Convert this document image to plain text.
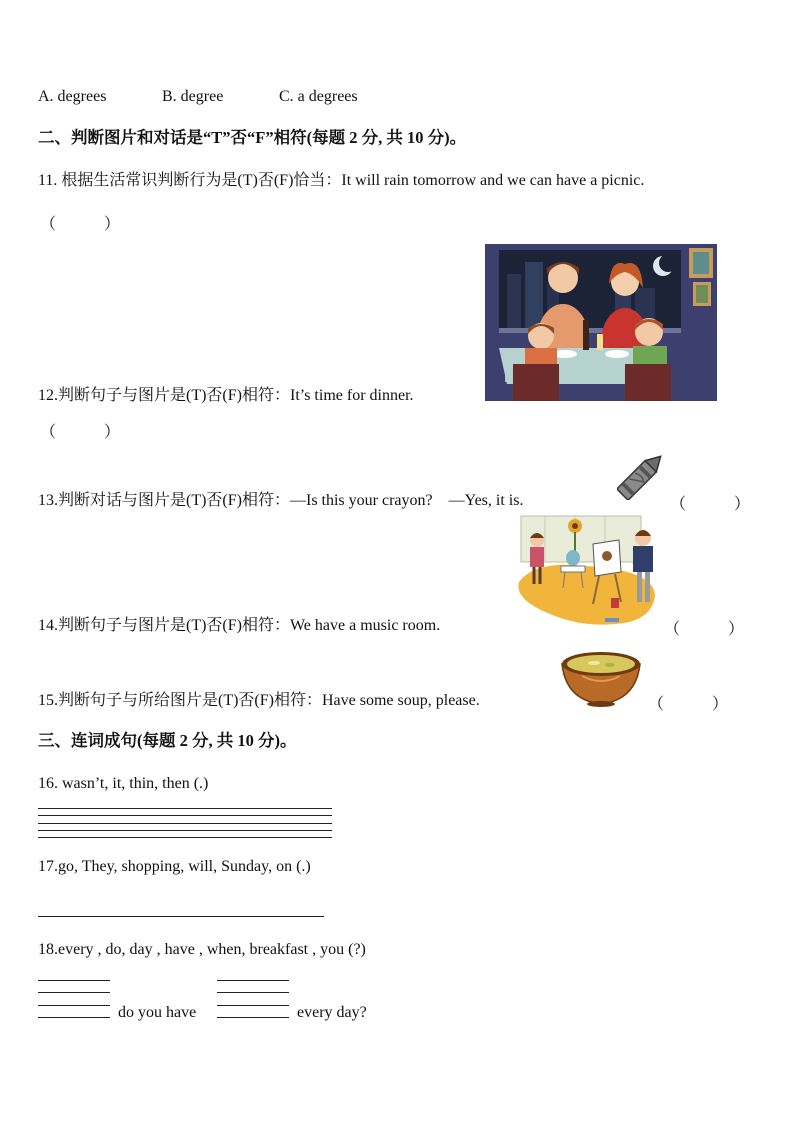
A. degrees	B. degree	C. a degrees
二、判断图片和对话是“T”否“F”相符(每题 2 分, 共 10 分)。
11. 根据生活常识判断行为是(T)否(F)恰当：It will rain tomorrow and we can have a picnic.
（　　　）
12.判断句子与图片是(T)否(F)相符：It’s time for dinner.
（　　　）
13.判断对话与图片是(T)否(F)相符：—Is this your crayon?　—Yes, it is.	（　　　）
14.判断句子与图片是(T)否(F)相符：We have a music room.	（　　　）
15.判断句子与所给图片是(T)否(F)相符：Have some soup, please.	（　　　）
三、连词成句(每题 2 分, 共 10 分)。
16. wasn’t, it, thin, then (.)
17.go, They, shopping, will, Sunday, on (.)
18.every , do, day , have , when, breakfast , you (?)
do you have	every day?
